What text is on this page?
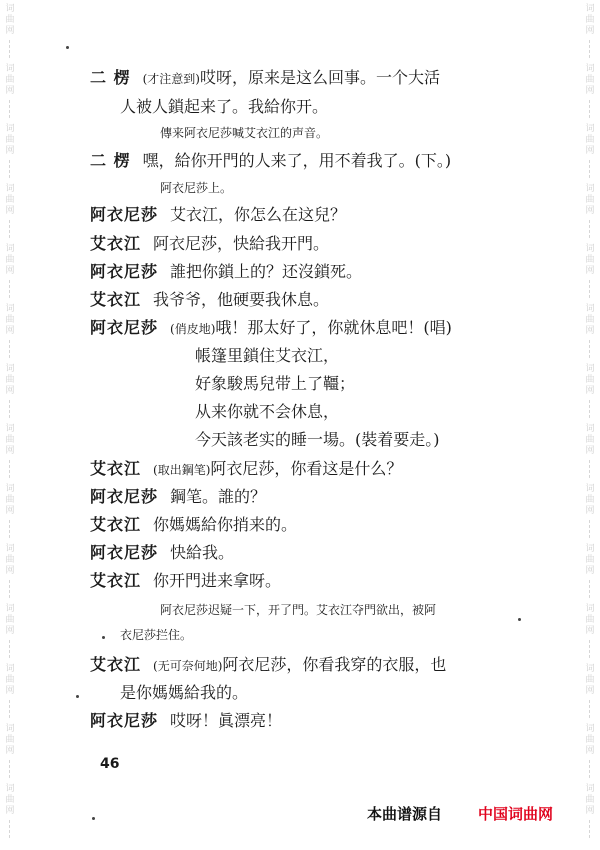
词
曲
网
词
曲
网
词
曲
网
词
曲
网
词
曲
网
词
曲
网
词
曲
网
词
曲
网
词
曲
网
词
曲
网
词
曲
网
词
曲
网
词
曲
网
词
曲
网
词
曲
网
词
曲
网
词
曲
网
词
曲
网
词
曲
网
词
曲
网
词
曲
网
词
曲
网
词
曲
网
词
曲
网
词
曲
网
词
曲
网
词
曲
网
词
曲
网
二 楞 (才注意到)哎呀，原来是这么回事。一个大活
人被人鎖起来了。我給你开。
傳来阿衣尼莎喊艾衣江的声音。
二 楞 嘿，給你开門的人来了，用不着我了。(下。)
阿衣尼莎上。
阿衣尼莎 艾衣江，你怎么在这兒？
艾衣江 阿衣尼莎，快給我开門。
阿衣尼莎 誰把你鎖上的？还沒鎖死。
艾衣江 我爷爷，他硬要我休息。
阿衣尼莎 (俏皮地)哦！那太好了，你就休息吧！(唱)
帳篷里鎖住艾衣江，
好象駿馬兒带上了韁；
从来你就不会休息，
今天該老实的睡一場。(裝着要走。)
艾衣江 (取出鋼笔)阿衣尼莎，你看这是什么？
阿衣尼莎 鋼笔。誰的？
艾衣江 你媽媽給你捎来的。
阿衣尼莎 快給我。
艾衣江 你开門进来拿呀。
阿衣尼莎迟疑一下，开了門。艾衣江夺門欲出，被阿
衣尼莎拦住。
艾衣江 (无可奈何地)阿衣尼莎，你看我穿的衣服，也
是你媽媽給我的。
阿衣尼莎 哎呀！眞漂亮！
46
本曲谱源自 中国词曲网
